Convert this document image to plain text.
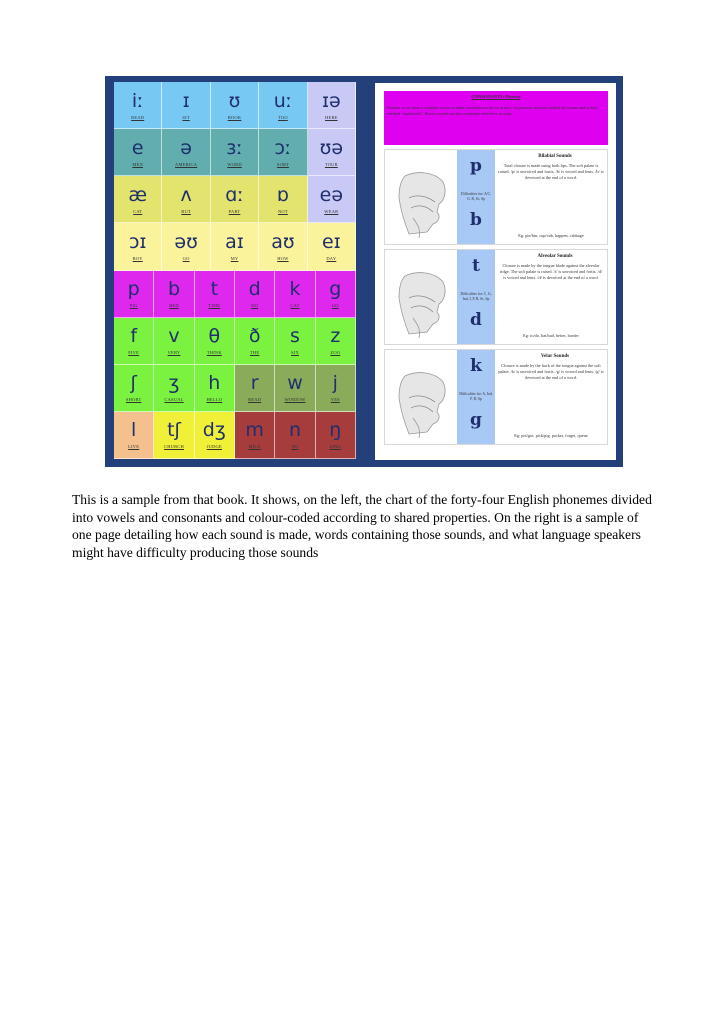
iː
READ
ɪ
SIT
ʊ
BOOK
uː
TOO
ɪə
HERE
e
MEN
ə
AMERICA
ɜː
WORD
ɔː
SORT
ʊə
TOUR
æ
CAT
ʌ
BUT
ɑː
PART
ɒ
NOT
eə
WEAR
ɔɪ
BOY
əʊ
GO
aɪ
MY
aʊ
HOW
eɪ
DAY
p
PIG
b
BED
t
TIME
d
DO
k
CAT
g
GO
f
FIVE
v
VERY
θ
THINK
ð
THE
s
SIX
z
ZOO
ʃ
SHORT
ʒ
CASUAL
h
HELLO
r
READ
w
WINDOW
j
YES
l
LIVE
tʃ
CHURCH
dʒ
JUDGE
m
MILK
n
NO
ŋ
SING
CONSONANTS: Plosives
Plosives occur when a complete closure is made somewhere in the vocal tract. Air pressure increases behind the closure and is then released "explosively". Plosive sounds are also sometimes referred to as stops.
p
Difficulties for: A/C, G, R, Sc, Sp
b
Bilabial Sounds
Total closure is made using both lips. The soft palate is raised. /p/ is unvoiced and fortis. /b/ is voiced and lenis. /b/ is devoiced at the end of a word.
Eg: pie/bin, cup/cub, happen, cabbage
t
Difficulties for: C, G, Ind, J, P, R, Sc, Sp
d
Alveolar Sounds
Closure is made by the tongue blade against the alveolar ridge. The soft palate is raised. /t/ is unvoiced and fortis. /d/ is voiced and lenis. /d/ is devoiced at the end of a word.
Eg: to/do, bat/bad, better, border
k
Difficulties for: A, Ind, F, R, Sp
g
Velar Sounds
Closure is made by the back of the tongue against the soft palate. /k/ is unvoiced and fortis. /g/ is voiced and lenis. /g/ is devoiced at the end of a word.
Eg: pot/got, pick/pig, packet, forget, queue

This is a sample from that book. It shows, on the left, the chart of the forty-four English phonemes divided into vowels and consonants and colour-coded according to shared properties. On the right is a sample of one page detailing how each sound is made, words containing those sounds, and what language speakers might have difficulty producing those sounds
